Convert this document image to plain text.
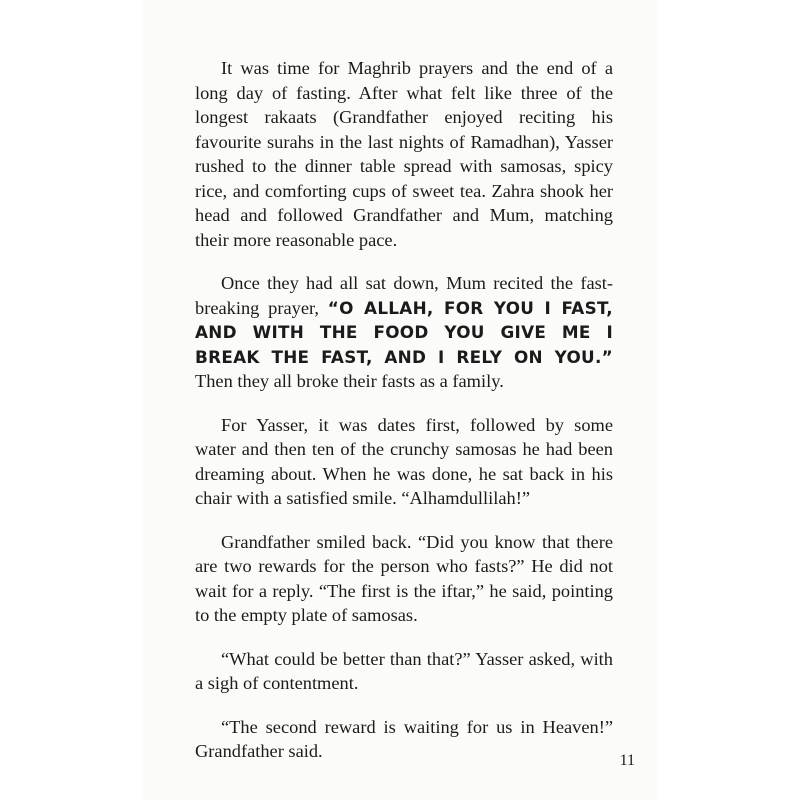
It was time for Maghrib prayers and the end of a long day of fasting. After what felt like three of the longest rakaats (Grandfather enjoyed reciting his favourite surahs in the last nights of Ramadhan), Yasser rushed to the dinner table spread with samosas, spicy rice, and comforting cups of sweet tea. Zahra shook her head and followed Grandfather and Mum, matching their more reasonable pace.

Once they had all sat down, Mum recited the fast-breaking prayer, “O ALLAH, FOR YOU I FAST, AND WITH THE FOOD YOU GIVE ME I BREAK THE FAST, AND I RELY ON YOU.” Then they all broke their fasts as a family.

For Yasser, it was dates first, followed by some water and then ten of the crunchy samosas he had been dreaming about. When he was done, he sat back in his chair with a satisfied smile. “Alhamdullilah!”

Grandfather smiled back. “Did you know that there are two rewards for the person who fasts?” He did not wait for a reply. “The first is the iftar,” he said, pointing to the empty plate of samosas.

“What could be better than that?” Yasser asked, with a sigh of contentment.

“The second reward is waiting for us in Heaven!” Grandfather said.	11
